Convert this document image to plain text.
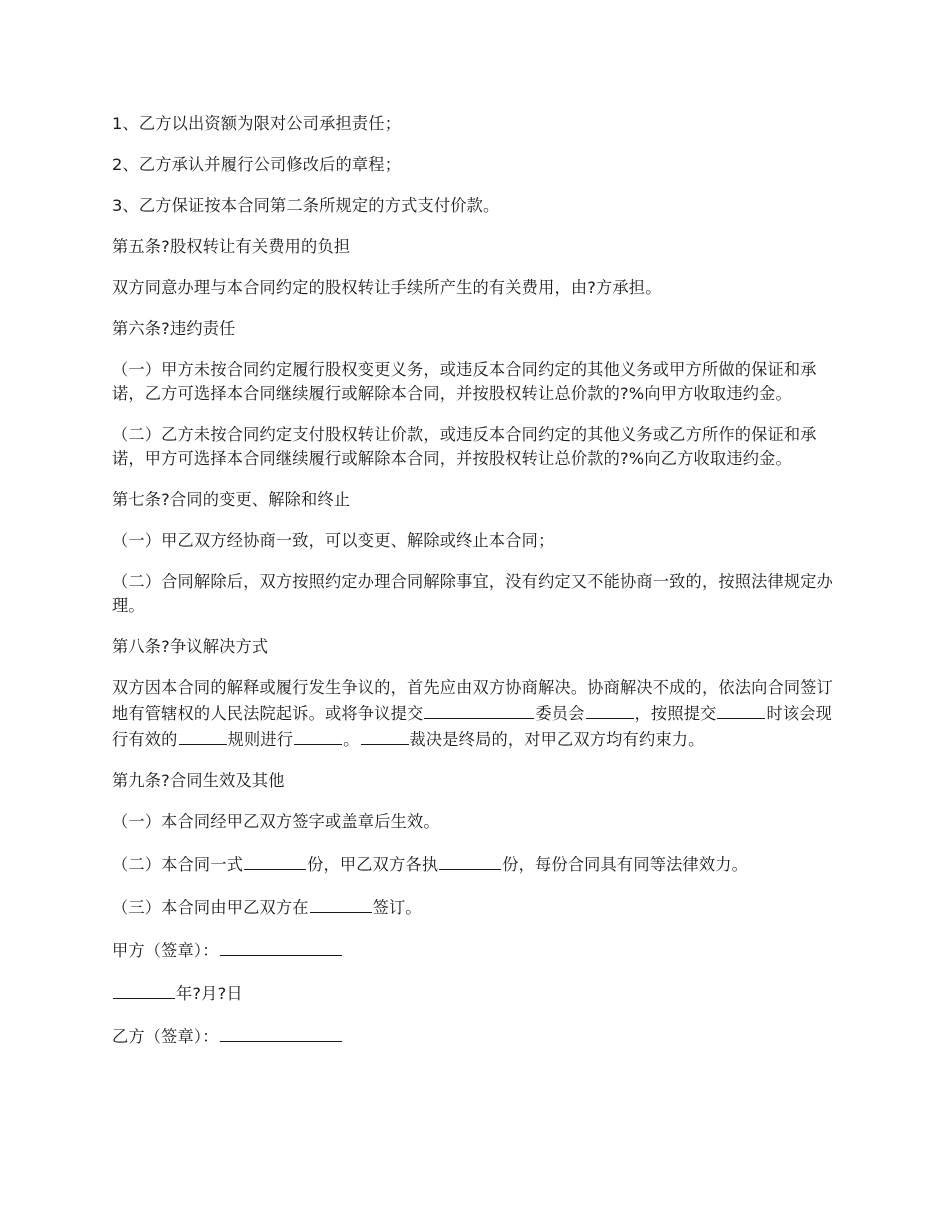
1、乙方以出资额为限对公司承担责任；

2、乙方承认并履行公司修改后的章程；

3、乙方保证按本合同第二条所规定的方式支付价款。

第五条?股权转让有关费用的负担

双方同意办理与本合同约定的股权转让手续所产生的有关费用，由?方承担。

第六条?违约责任

（一）甲方未按合同约定履行股权变更义务，或违反本合同约定的其他义务或甲方所做的保证和承诺，乙方可选择本合同继续履行或解除本合同，并按股权转让总价款的?%向甲方收取违约金。

（二）乙方未按合同约定支付股权转让价款，或违反本合同约定的其他义务或乙方所作的保证和承诺，甲方可选择本合同继续履行或解除本合同，并按股权转让总价款的?%向乙方收取违约金。

第七条?合同的变更、解除和终止

（一）甲乙双方经协商一致，可以变更、解除或终止本合同；

（二）合同解除后，双方按照约定办理合同解除事宜，没有约定又不能协商一致的，按照法律规定办理。

第八条?争议解决方式

双方因本合同的解释或履行发生争议的，首先应由双方协商解决。协商解决不成的，依法向合同签订地有管辖权的人民法院起诉。或将争议提交	委员会	，按照提交	时该会现行有效的	规则进行	。	裁决是终局的，对甲乙双方均有约束力。

第九条?合同生效及其他

（一）本合同经甲乙双方签字或盖章后生效。

（二）本合同一式	份，甲乙双方各执	份，每份合同具有同等法律效力。

（三）本合同由甲乙双方在	签订。

甲方（签章）：

年?月?日

乙方（签章）：
